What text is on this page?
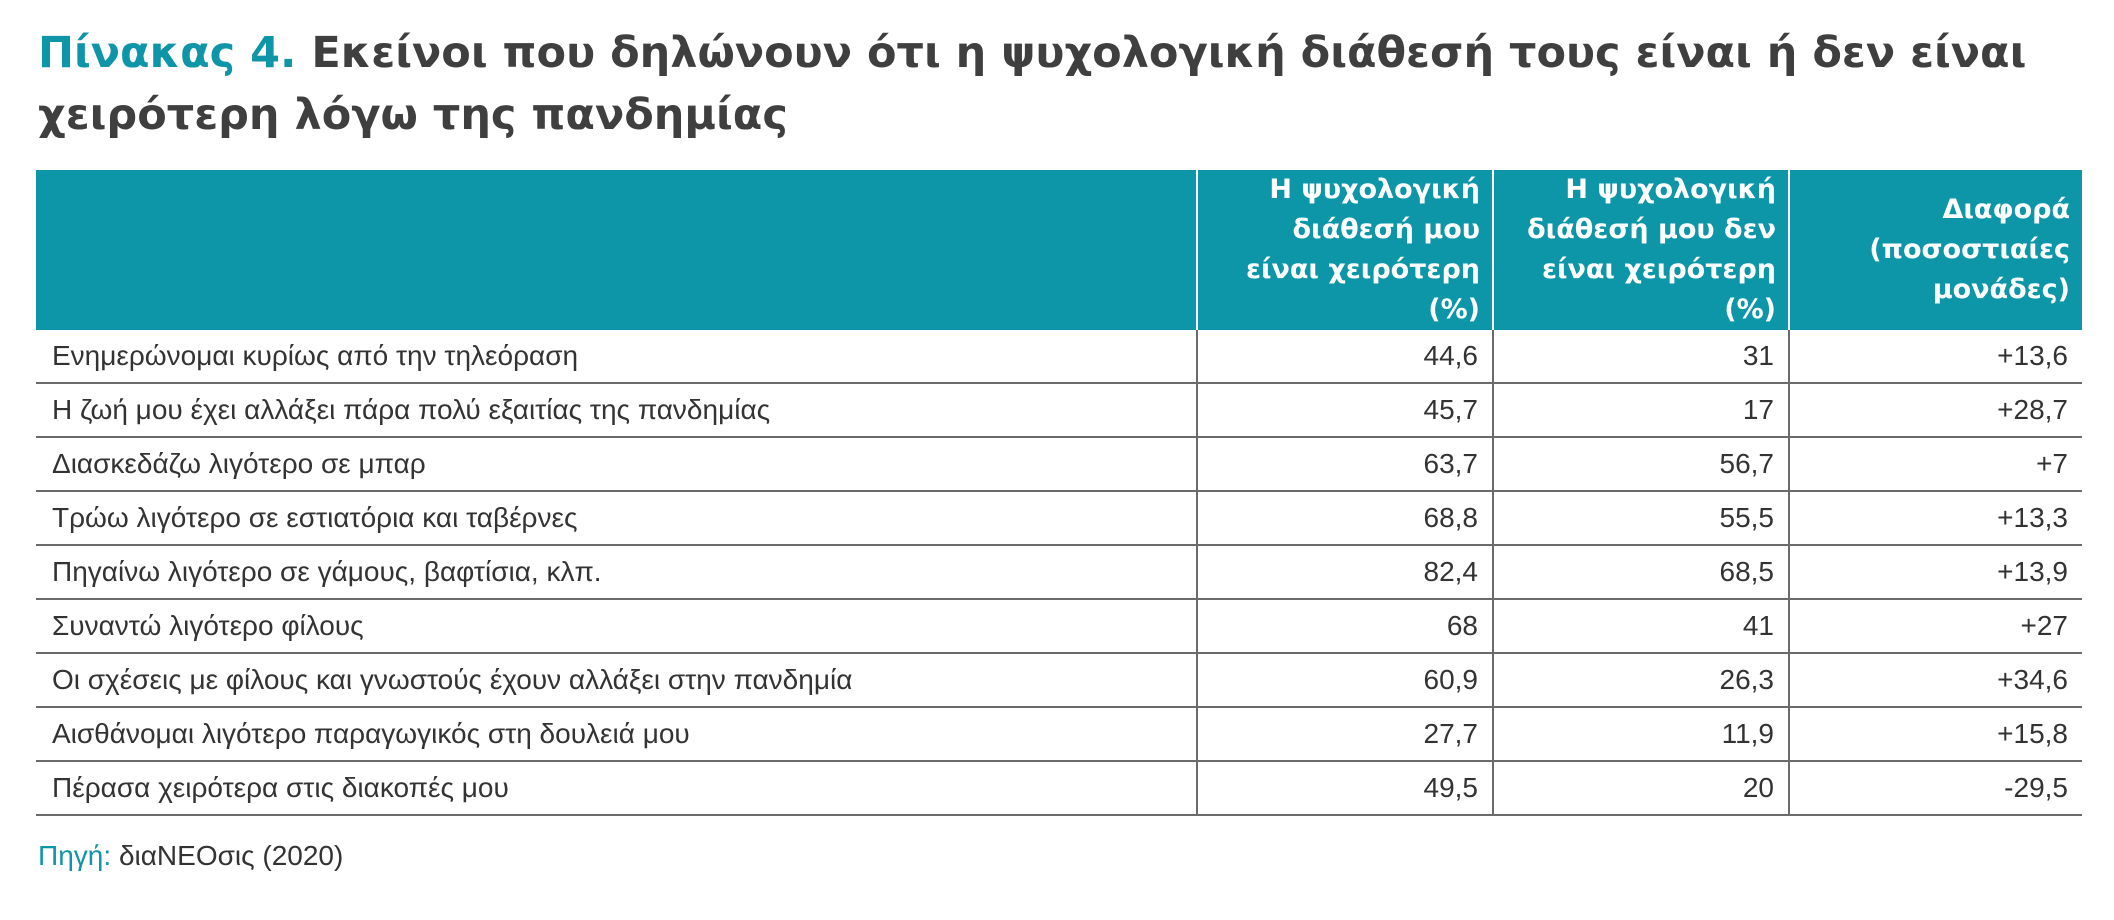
Πίνακας 4. Εκείνοι που δηλώνουν ότι η ψυχολογική διάθεσή τους είναι ή δεν είναι χειρότερη λόγω της πανδημίας
	Η ψυχολογική διάθεσή μου είναι χειρότερη (%)	Η ψυχολογική διάθεσή μου δεν είναι χειρότερη (%)	Διαφορά (ποσοστιαίες μονάδες)
Ενημερώνομαι κυρίως από την τηλεόραση	44,6	31	+13,6
Η ζωή μου έχει αλλάξει πάρα πολύ εξαιτίας της πανδημίας	45,7	17	+28,7
Διασκεδάζω λιγότερο σε μπαρ	63,7	56,7	+7
Τρώω λιγότερο σε εστιατόρια και ταβέρνες	68,8	55,5	+13,3
Πηγαίνω λιγότερο σε γάμους, βαφτίσια, κλπ.	82,4	68,5	+13,9
Συναντώ λιγότερο φίλους	68	41	+27
Οι σχέσεις με φίλους και γνωστούς έχουν αλλάξει στην πανδημία	60,9	26,3	+34,6
Αισθάνομαι λιγότερο παραγωγικός στη δουλειά μου	27,7	11,9	+15,8
Πέρασα χειρότερα στις διακοπές μου	49,5	20	-29,5
Πηγή: διαNEOσις (2020)
